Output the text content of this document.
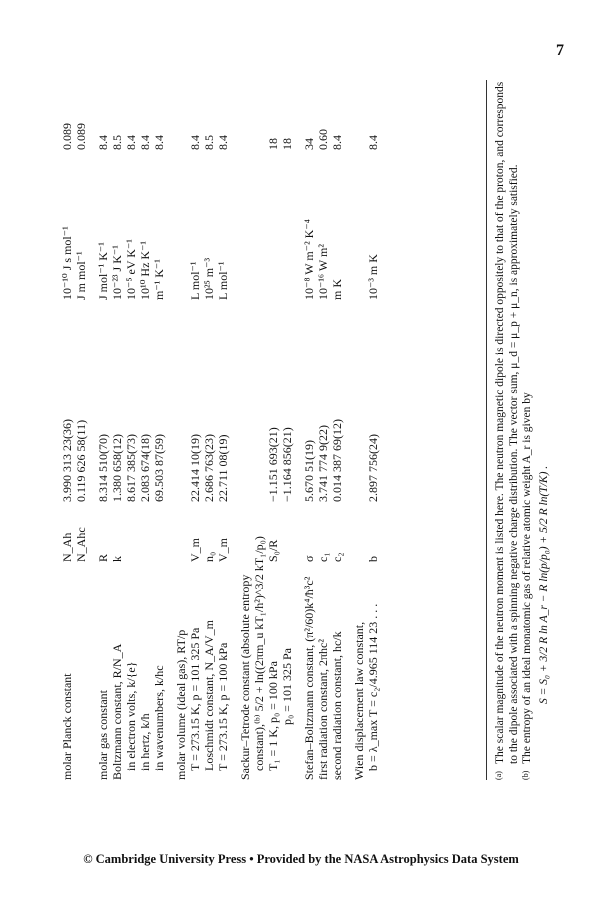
7
molar Planck constant
N_Ah
3.990 313 23(36)
10⁻¹⁰ J s mol⁻¹
0.089
N_Ahc
0.119 626 58(11)
J m mol⁻¹
0.089
molar gas constant
R
8.314 510(70)
J mol⁻¹ K⁻¹
8.4
Boltzmann constant, R/N_A
k
1.380 658(12)
10⁻²³ J K⁻¹
8.5
in electron volts, k/{e}
8.617 385(73)
10⁻⁵ eV K⁻¹
8.4
in hertz, k/h
2.083 674(18)
10¹⁰ Hz K⁻¹
8.4
in wavenumbers, k/hc
69.503 87(59)
m⁻¹ K⁻¹
8.4
molar volume (ideal gas), RT/p T = 273.15 K, p = 101 325 Pa
V_m
22.414 10(19)
L mol⁻¹
8.4
Loschmidt constant, N_A/V_m
n₀
2.686 763(23)
10²⁵ m⁻³
8.5
T = 273.15 K, p = 100 kPa
V_m
22.711 08(19)
L mol⁻¹
8.4
Sackur–Tetrode constant (absolute entropy constant),⁽ᵇ⁾ 5/2 + ln((2πm_u kT₁/h²)^3/2 kT₁/p₀) T₁ = 1 K, p₀ = 100 kPa
S₀/R
−1.151 693(21)
18
p₀ = 101 325 Pa
−1.164 856(21)
18
Stefan–Boltzmann constant, (π²/60)k⁴/ħ³c²
σ
5.670 51(19)
10⁻⁸ W m⁻² K⁻⁴
34
first radiation constant, 2πhc²
c₁
3.741 774 9(22)
10⁻¹⁶ W m²
0.60
second radiation constant, hc/k
c₂
0.014 387 69(12)
m K
8.4
Wien displacement law constant, b = λ_max T = c₂/4.965 114 23 . . .
b
2.897 756(24)
10⁻³ m K
8.4
(a)
The scalar magnitude of the neutron moment is listed here. The neutron magnetic dipole is directed oppositely to that of the proton, and corresponds to the dipole associated with a spinning negative charge distribution. The vector sum, μ_d = μ_p + μ_n, is approximately satisfied.
(b)
The entropy of an ideal monatomic gas of relative atomic weight A_r is given by S = S₀ + 3/2 R ln A_r − R ln(p/p₀) + 5/2 R ln(T/K) .
© Cambridge University Press • Provided by the NASA Astrophysics Data System
